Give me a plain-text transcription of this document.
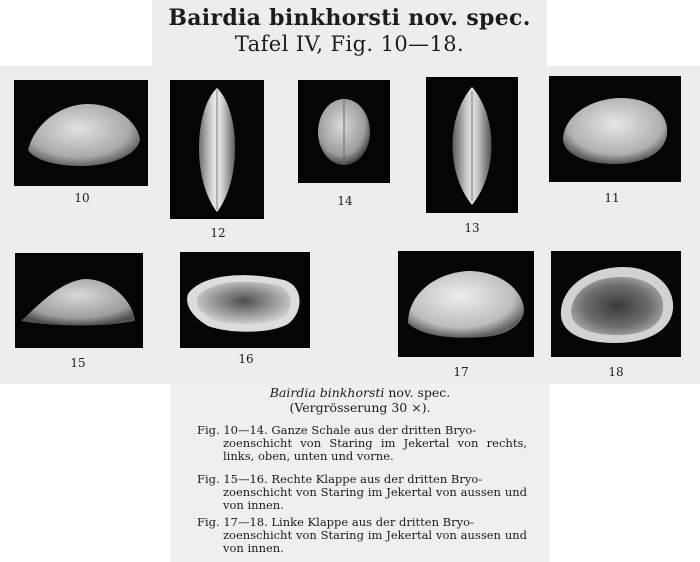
Bairdia binkhorsti nov. spec.
Tafel IV, Fig. 10—18.
10
12
14
13
11
15	16
17	18
Bairdia binkhorsti nov. spec.
(Vergrösserung 30 ×).
Fig. 10—14. Ganze Schale aus der dritten Bryo-
zoenschicht von Staring im Jekertal von rechts, links, oben, unten und vorne.
Fig. 15—16. Rechte Klappe aus der dritten Bryo-
zoenschicht von Staring im Jekertal von aussen und von innen.
Fig. 17—18. Linke Klappe aus der dritten Bryo-
zoenschicht von Staring im Jekertal von aussen und von innen.
